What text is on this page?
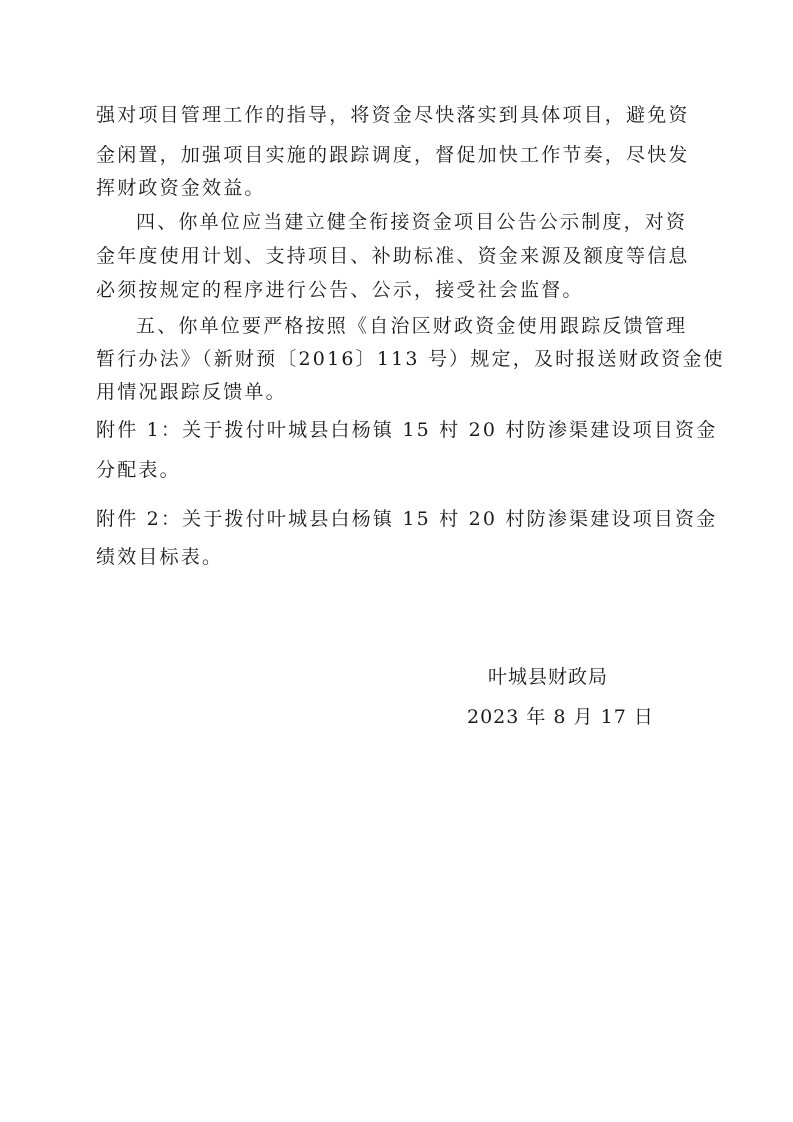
强对项目管理工作的指导，将资金尽快落实到具体项目，避免资
金闲置，加强项目实施的跟踪调度，督促加快工作节奏，尽快发
挥财政资金效益。
四、你单位应当建立健全衔接资金项目公告公示制度，对资
金年度使用计划、支持项目、补助标准、资金来源及额度等信息
必须按规定的程序进行公告、公示，接受社会监督。
五、你单位要严格按照《自治区财政资金使用跟踪反馈管理
暂行办法》（新财预〔2016〕113 号）规定，及时报送财政资金使
用情况跟踪反馈单。
附件 1：关于拨付叶城县白杨镇 15 村 20 村防渗渠建设项目资金
分配表。
附件 2：关于拨付叶城县白杨镇 15 村 20 村防渗渠建设项目资金
绩效目标表。
叶城县财政局
2023 年 8 月 17 日
